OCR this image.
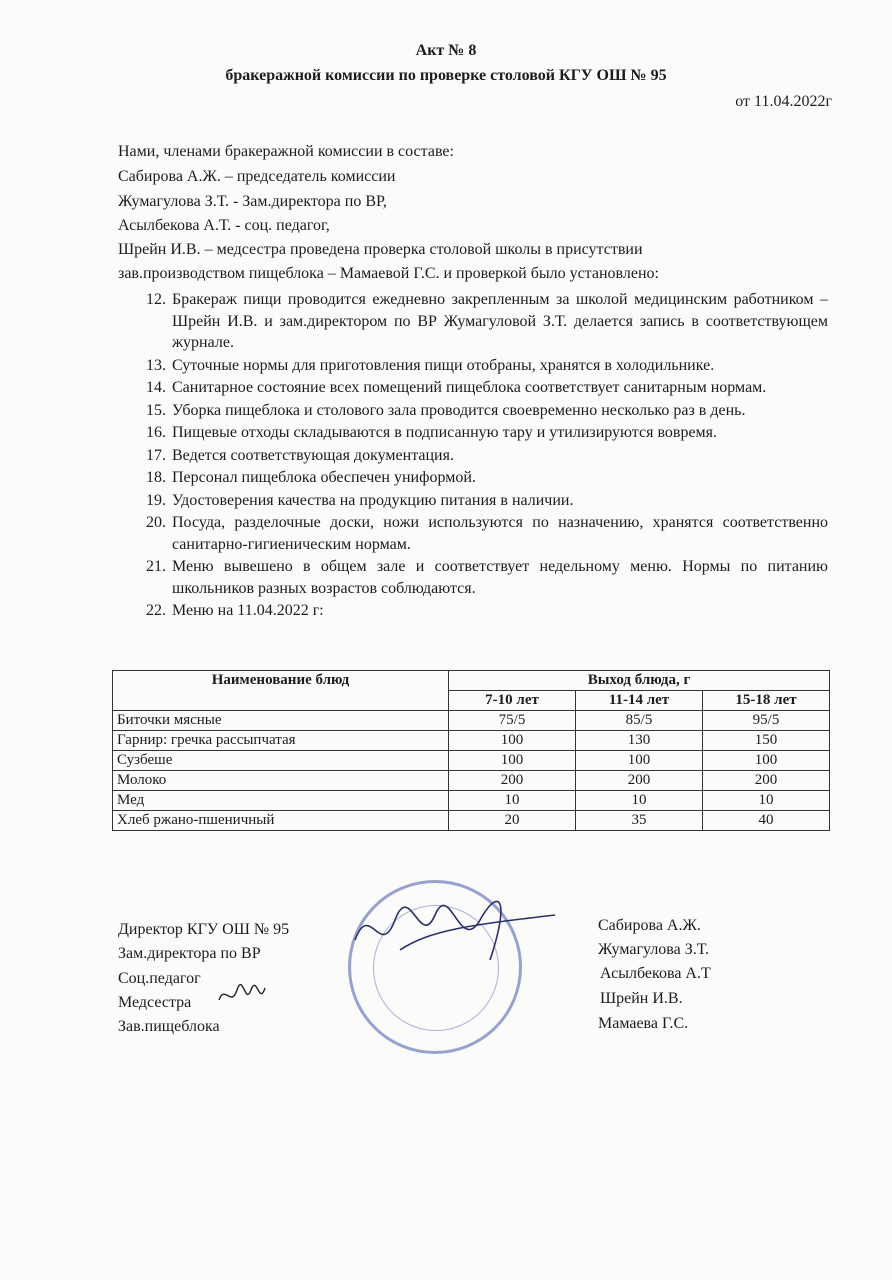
Акт № 8
бракеражной комиссии по проверке столовой КГУ ОШ № 95
от 11.04.2022г
Нами, членами бракеражной комиссии в составе:
Сабирова А.Ж. – председатель комиссии
Жумагулова З.Т. - Зам.директора по ВР,
Асылбекова А.Т. - соц. педагог,
Шрейн И.В. – медсестра проведена проверка столовой школы в присутствии
зав.производством пищеблока – Мамаевой Г.С. и проверкой было установлено:
12. Бракераж пищи проводится ежедневно закрепленным за школой медицинским работником – Шрейн И.В. и зам.директором по ВР Жумагуловой З.Т. делается запись в соответствующем журнале.
13. Суточные нормы для приготовления пищи отобраны, хранятся в холодильнике.
14. Санитарное состояние всех помещений пищеблока соответствует санитарным нормам.
15. Уборка пищеблока и столового зала проводится своевременно несколько раз в день.
16. Пищевые отходы складываются в подписанную тару и утилизируются вовремя.
17. Ведется соответствующая документация.
18. Персонал пищеблока обеспечен униформой.
19. Удостоверения качества на продукцию питания в наличии.
20. Посуда, разделочные доски, ножи используются по назначению, хранятся соответственно санитарно-гигиеническим нормам.
21. Меню вывешено в общем зале и соответствует недельному меню. Нормы по питанию школьников разных возрастов соблюдаются.
22. Меню на 11.04.2022 г:
Наименование блюд	Выход блюда, г		
	7-10 лет	11-14 лет	15-18 лет
Биточки мясные	75/5	85/5	95/5
Гарнир: гречка рассыпчатая	100	130	150
Сузбеше	100	100	100
Молоко	200	200	200
Мед	10	10	10
Хлеб ржано-пшеничный	20	35	40
Директор КГУ ОШ № 95
Зам.директора по ВР
Соц.педагог
Медсестра
Зав.пищеблока
Сабирова А.Ж.
Жумагулова З.Т.
Асылбекова А.Т
Шрейн И.В.
Мамаева Г.С.
